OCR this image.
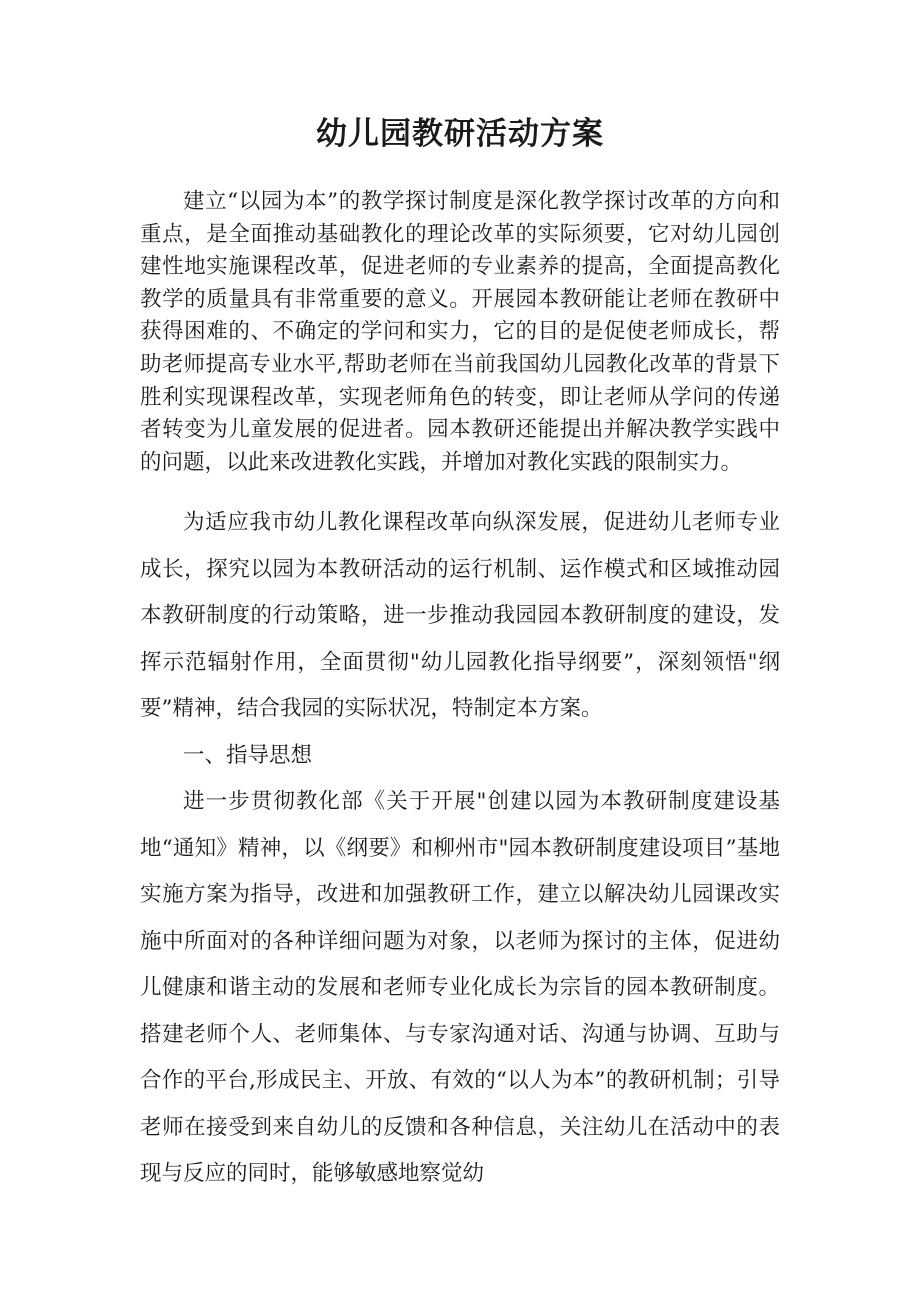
幼儿园教研活动方案

建立“以园为本”的教学探讨制度是深化教学探讨改革的方向和重点，是全面推动基础教化的理论改革的实际须要，它对幼儿园创建性地实施课程改革，促进老师的专业素养的提高，全面提高教化教学的质量具有非常重要的意义。开展园本教研能让老师在教研中获得困难的、不确定的学问和实力，它的目的是促使老师成长，帮助老师提高专业水平,帮助老师在当前我国幼儿园教化改革的背景下胜利实现课程改革，实现老师角色的转变，即让老师从学问的传递者转变为儿童发展的促进者。园本教研还能提出并解决教学实践中的问题，以此来改进教化实践，并增加对教化实践的限制实力。

为适应我市幼儿教化课程改革向纵深发展，促进幼儿老师专业成长，探究以园为本教研活动的运行机制、运作模式和区域推动园本教研制度的行动策略，进一步推动我园园本教研制度的建设，发挥示范辐射作用，全面贯彻"幼儿园教化指导纲要”，深刻领悟"纲要”精神，结合我园的实际状况，特制定本方案。

一、指导思想

进一步贯彻教化部《关于开展"创建以园为本教研制度建设基地“通知》精神，以《纲要》和柳州市"园本教研制度建设项目”基地实施方案为指导，改进和加强教研工作，建立以解决幼儿园课改实施中所面对的各种详细问题为对象，以老师为探讨的主体，促进幼儿健康和谐主动的发展和老师专业化成长为宗旨的园本教研制度。搭建老师个人、老师集体、与专家沟通对话、沟通与协调、互助与合作的平台,形成民主、开放、有效的“以人为本”的教研机制；引导老师在接受到来自幼儿的反馈和各种信息，关注幼儿在活动中的表现与反应的同时，能够敏感地察觉幼
